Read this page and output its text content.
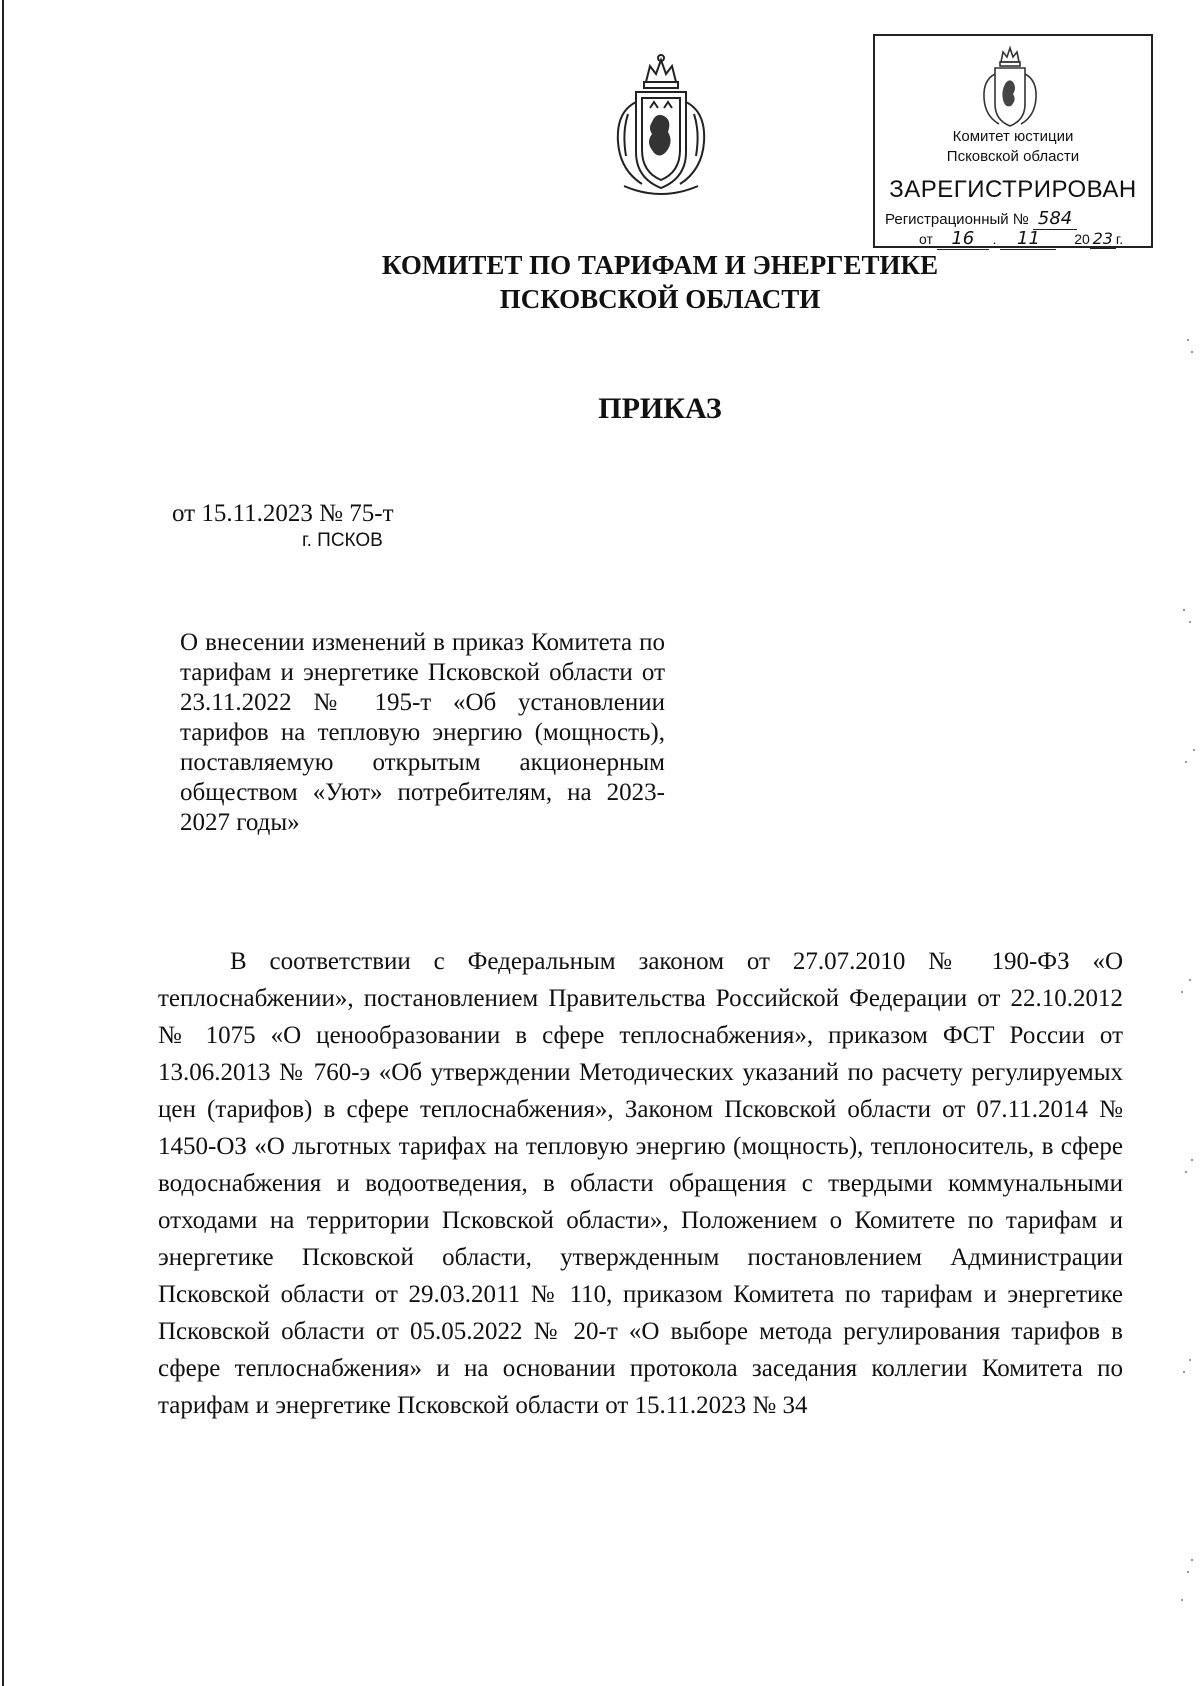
Комитет юстиции
Псковской области
ЗАРЕГИСТРИРОВАН
Регистрационный № 584
от 16 . 11 20 23 г.
КОМИТЕТ ПО ТАРИФАМ И ЭНЕРГЕТИКЕ
ПСКОВСКОЙ ОБЛАСТИ
ПРИКАЗ
от 15.11.2023 № 75-т
г. ПСКОВ
О внесении изменений в приказ Комитета по тарифам и энергетике Псковской области от 23.11.2022 № 195-т «Об установлении тарифов на тепловую энергию (мощность), поставляемую открытым акционерным обществом «Уют» потребителям, на 2023-2027 годы»
В соответствии с Федеральным законом от 27.07.2010 № 190-ФЗ «О теплоснабжении», постановлением Правительства Российской Федерации от 22.10.2012 № 1075 «О ценообразовании в сфере теплоснабжения», приказом ФСТ России от 13.06.2013 № 760-э «Об утверждении Методических указаний по расчету регулируемых цен (тарифов) в сфере теплоснабжения», Законом Псковской области от 07.11.2014 № 1450-ОЗ «О льготных тарифах на тепловую энергию (мощность), теплоноситель, в сфере водоснабжения и водоотведения, в области обращения с твердыми коммунальными отходами на территории Псковской области», Положением о Комитете по тарифам и энергетике Псковской области, утвержденным постановлением Администрации Псковской области от 29.03.2011 № 110, приказом Комитета по тарифам и энергетике Псковской области от 05.05.2022 № 20-т «О выборе метода регулирования тарифов в сфере теплоснабжения» и на основании протокола заседания коллегии Комитета по тарифам и энергетике Псковской области от 15.11.2023 № 34
